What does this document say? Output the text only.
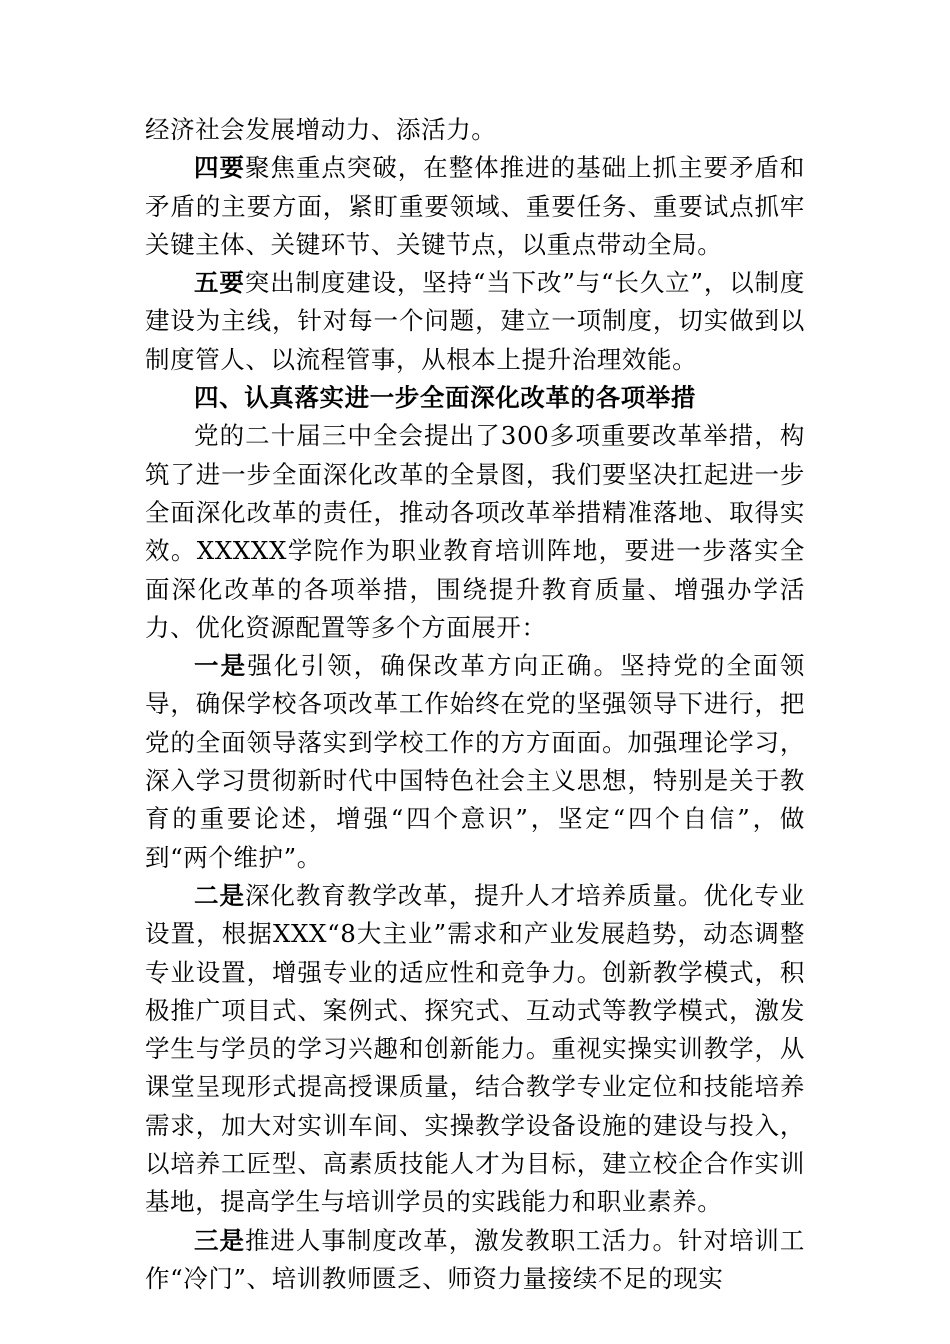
经济社会发展增动力、添活力。

四要聚焦重点突破，在整体推进的基础上抓主要矛盾和矛盾的主要方面，紧盯重要领域、重要任务、重要试点抓牢关键主体、关键环节、关键节点，以重点带动全局。

五要突出制度建设，坚持“当下改”与“长久立”，以制度建设为主线，针对每一个问题，建立一项制度，切实做到以制度管人、以流程管事，从根本上提升治理效能。

四、认真落实进一步全面深化改革的各项举措

党的二十届三中全会提出了300多项重要改革举措，构筑了进一步全面深化改革的全景图，我们要坚决扛起进一步全面深化改革的责任，推动各项改革举措精准落地、取得实效。XXXXX学院作为职业教育培训阵地，要进一步落实全面深化改革的各项举措，围绕提升教育质量、增强办学活力、优化资源配置等多个方面展开：

一是强化引领，确保改革方向正确。坚持党的全面领导，确保学校各项改革工作始终在党的坚强领导下进行，把党的全面领导落实到学校工作的方方面面。加强理论学习，深入学习贯彻新时代中国特色社会主义思想，特别是关于教育的重要论述，增强“四个意识”，坚定“四个自信”，做到“两个维护”。

二是深化教育教学改革，提升人才培养质量。优化专业设置，根据XXX“8大主业”需求和产业发展趋势，动态调整专业设置，增强专业的适应性和竞争力。创新教学模式，积极推广项目式、案例式、探究式、互动式等教学模式，激发学生与学员的学习兴趣和创新能力。重视实操实训教学，从课堂呈现形式提高授课质量，结合教学专业定位和技能培养需求，加大对实训车间、实操教学设备设施的建设与投入，以培养工匠型、高素质技能人才为目标，建立校企合作实训基地，提高学生与培训学员的实践能力和职业素养。

三是推进人事制度改革，激发教职工活力。针对培训工作“冷门”、培训教师匮乏、师资力量接续不足的现实
